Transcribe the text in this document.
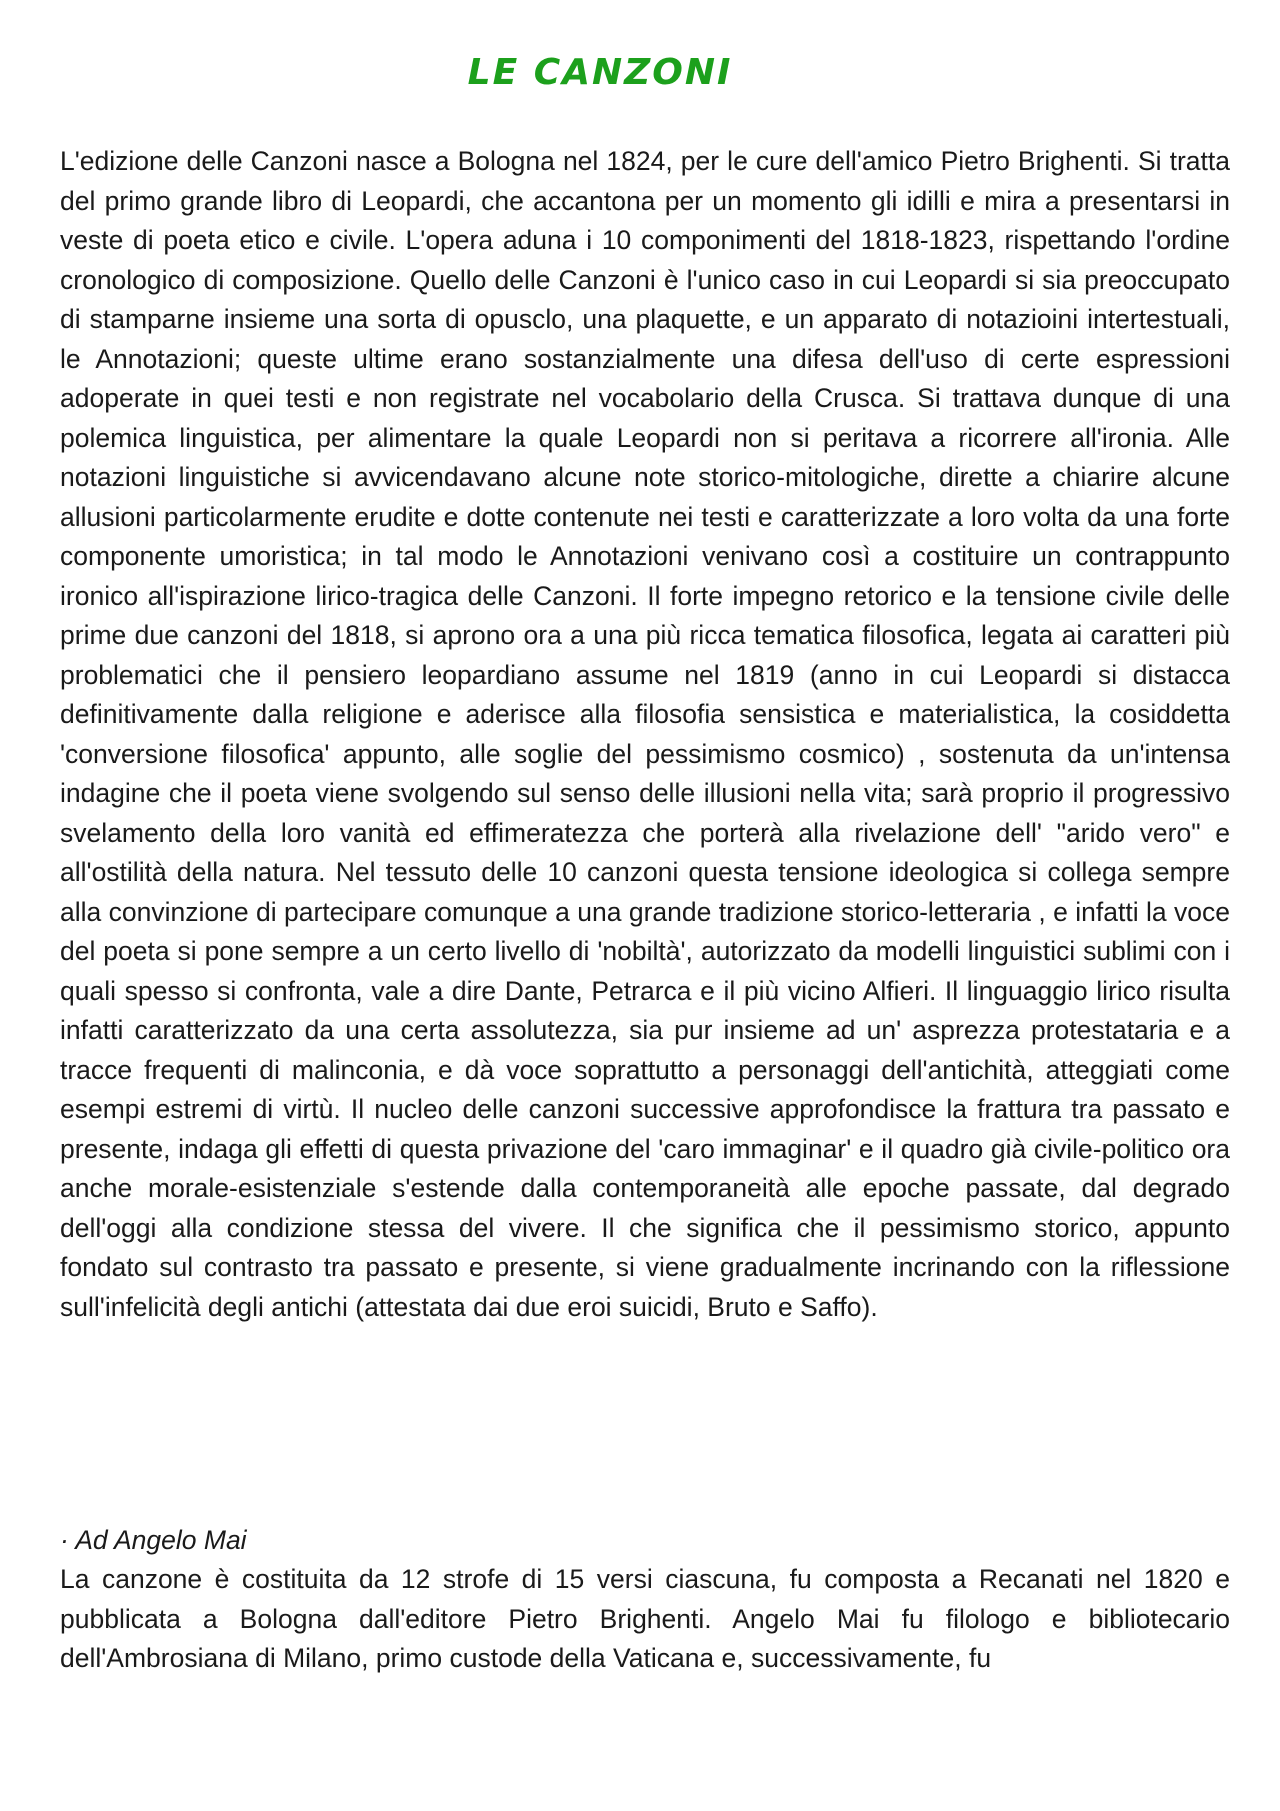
LE CANZONI

L'edizione delle Canzoni nasce a Bologna nel 1824, per le cure dell'amico Pietro Brighenti. Si tratta del primo grande libro di Leopardi, che accantona per un momento gli idilli e mira a presentarsi in veste di poeta etico e civile. L'opera aduna i 10 componimenti del 1818-1823, rispettando l'ordine cronologico di composizione. Quello delle Canzoni è l'unico caso in cui Leopardi si sia preoccupato di stamparne insieme una sorta di opusclo, una plaquette, e un apparato di notazioini intertestuali, le Annotazioni; queste ultime erano sostanzialmente una difesa dell'uso di certe espressioni adoperate in quei testi e non registrate nel vocabolario della Crusca. Si trattava dunque di una polemica linguistica, per alimentare la quale Leopardi non si peritava a ricorrere all'ironia. Alle notazioni linguistiche si avvicendavano alcune note storico-mitologiche, dirette a chiarire alcune allusioni particolarmente erudite e dotte contenute nei testi e caratterizzate a loro volta da una forte componente umoristica; in tal modo le Annotazioni venivano così a costituire un contrappunto ironico all'ispirazione lirico-tragica delle Canzoni. Il forte impegno retorico e la tensione civile delle prime due canzoni del 1818, si aprono ora a una più ricca tematica filosofica, legata ai caratteri più problematici che il pensiero leopardiano assume nel 1819 (anno in cui Leopardi si distacca definitivamente dalla religione e aderisce alla filosofia sensistica e materialistica, la cosiddetta 'conversione filosofica' appunto, alle soglie del pessimismo cosmico) , sostenuta da un'intensa indagine che il poeta viene svolgendo sul senso delle illusioni nella vita; sarà proprio il progressivo svelamento della loro vanità ed effimeratezza che porterà alla rivelazione dell' "arido vero" e all'ostilità della natura. Nel tessuto delle 10 canzoni questa tensione ideologica si collega sempre alla convinzione di partecipare comunque a una grande tradizione storico-letteraria , e infatti la voce del poeta si pone sempre a un certo livello di 'nobiltà', autorizzato da modelli linguistici sublimi con i quali spesso si confronta, vale a dire Dante, Petrarca e il più vicino Alfieri. Il linguaggio lirico risulta infatti caratterizzato da una certa assolutezza, sia pur insieme ad un' asprezza protestataria e a tracce frequenti di malinconia, e dà voce soprattutto a personaggi dell'antichità, atteggiati come esempi estremi di virtù. Il nucleo delle canzoni successive approfondisce la frattura tra passato e presente, indaga gli effetti di questa privazione del 'caro immaginar' e il quadro già civile-politico ora anche morale-esistenziale s'estende dalla contemporaneità alle epoche passate, dal degrado dell'oggi alla condizione stessa del vivere. Il che significa che il pessimismo storico, appunto fondato sul contrasto tra passato e presente, si viene gradualmente incrinando con la riflessione sull'infelicità degli antichi (attestata dai due eroi suicidi, Bruto e Saffo).

· Ad Angelo Mai

La canzone è costituita da 12 strofe di 15 versi ciascuna, fu composta a Recanati nel 1820 e pubblicata a Bologna dall'editore Pietro Brighenti. Angelo Mai fu filologo e bibliotecario dell'Ambrosiana di Milano, primo custode della Vaticana e, successivamente, fu
